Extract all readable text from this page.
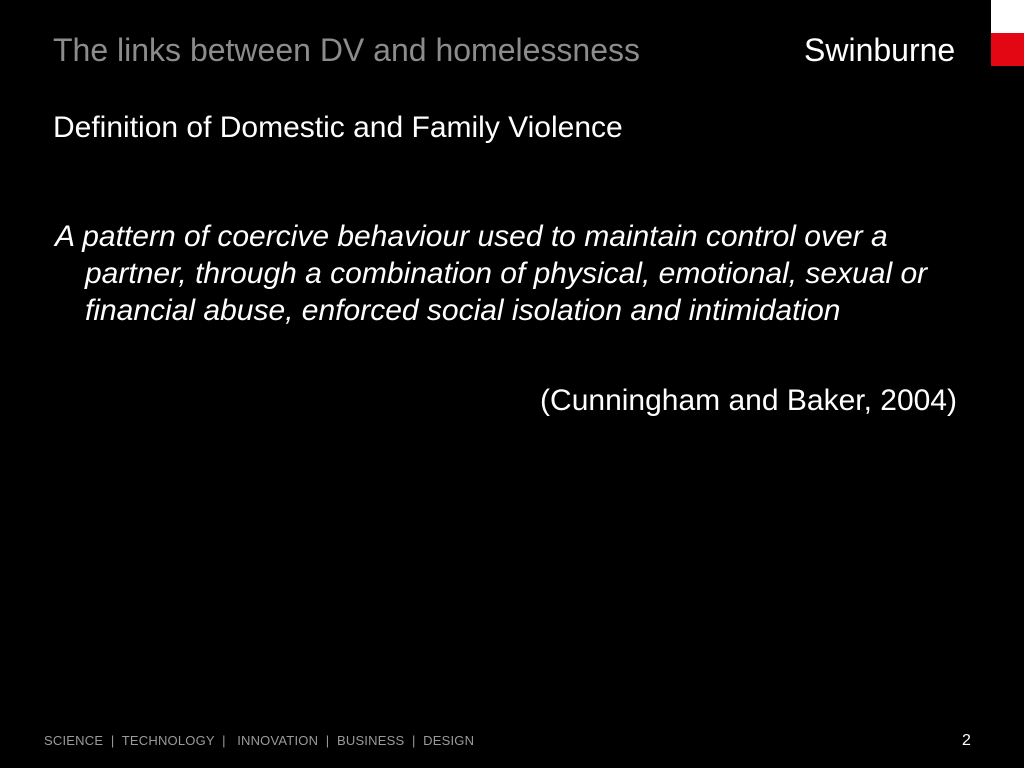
The links between DV and homelessness	Swinburne
Definition of Domestic and Family Violence
A pattern of coercive behaviour used to maintain control over a partner, through a combination of physical, emotional, sexual or financial abuse, enforced social isolation and intimidation
(Cunningham and Baker, 2004)
SCIENCE  |  TECHNOLOGY  |   INNOVATION  |  BUSINESS  |  DESIGN	2
